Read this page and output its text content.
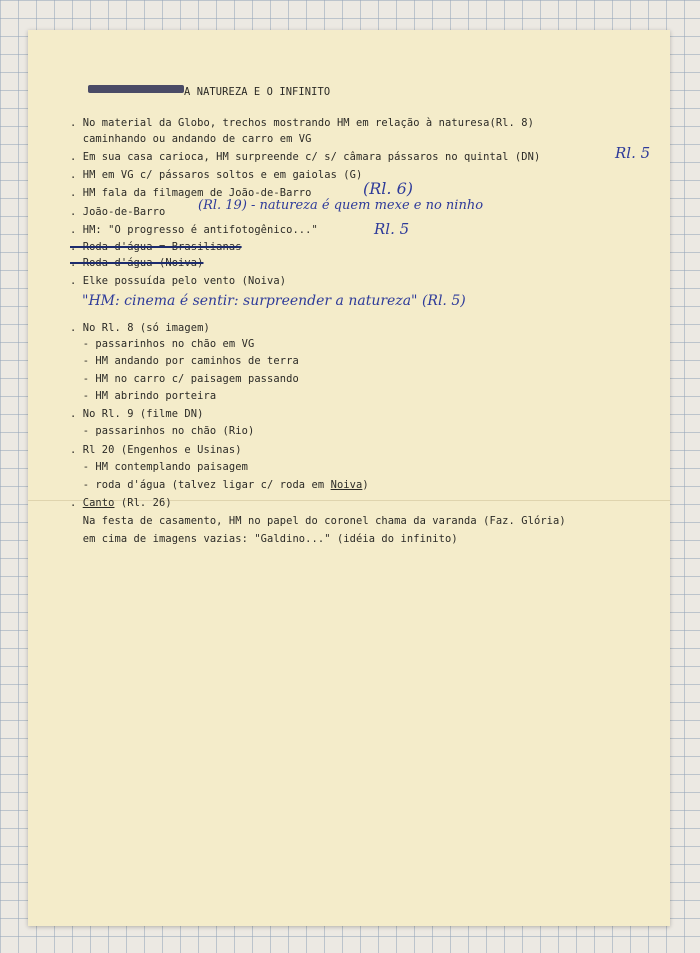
A NATUREZA E O INFINITO

. No material da Globo, trechos mostrando HM em relação à naturesa(Rl. 8)

caminhando ou andando de carro em VG

. Em sua casa carioca, HM surpreende c/ s/ câmara pássaros no quintal (DN)

. HM em VG c/ pássaros soltos e em gaiolas (G)

. HM fala da filmagem de João-de-Barro

. João-de-Barro

. HM: "O progresso é antifotogênico..."

. Roda d'água = Brasilianas

. Roda d'água (Noiva)

. Elke possuída pelo vento (Noiva)

. No Rl. 8 (só imagem)

- passarinhos no chão em VG

- HM andando por caminhos de terra

- HM no carro c/ paisagem passando

- HM abrindo porteira

. No Rl. 9 (filme DN)

- passarinhos no chão (Rio)

. Rl 20 (Engenhos e Usinas)

- HM contemplando paisagem

- roda d'água (talvez ligar c/ roda em Noiva)

. Canto (Rl. 26)

Na festa de casamento, HM no papel do coronel chama da varanda (Faz. Glória)

em cima de imagens vazias: "Galdino..." (idéia do infinito)

Rl. 5
(Rl. 6)
(Rl. 19) - natureza é quem mexe e no ninho
Rl. 5
"HM: cinema é sentir: surpreender a natureza" (Rl. 5)
